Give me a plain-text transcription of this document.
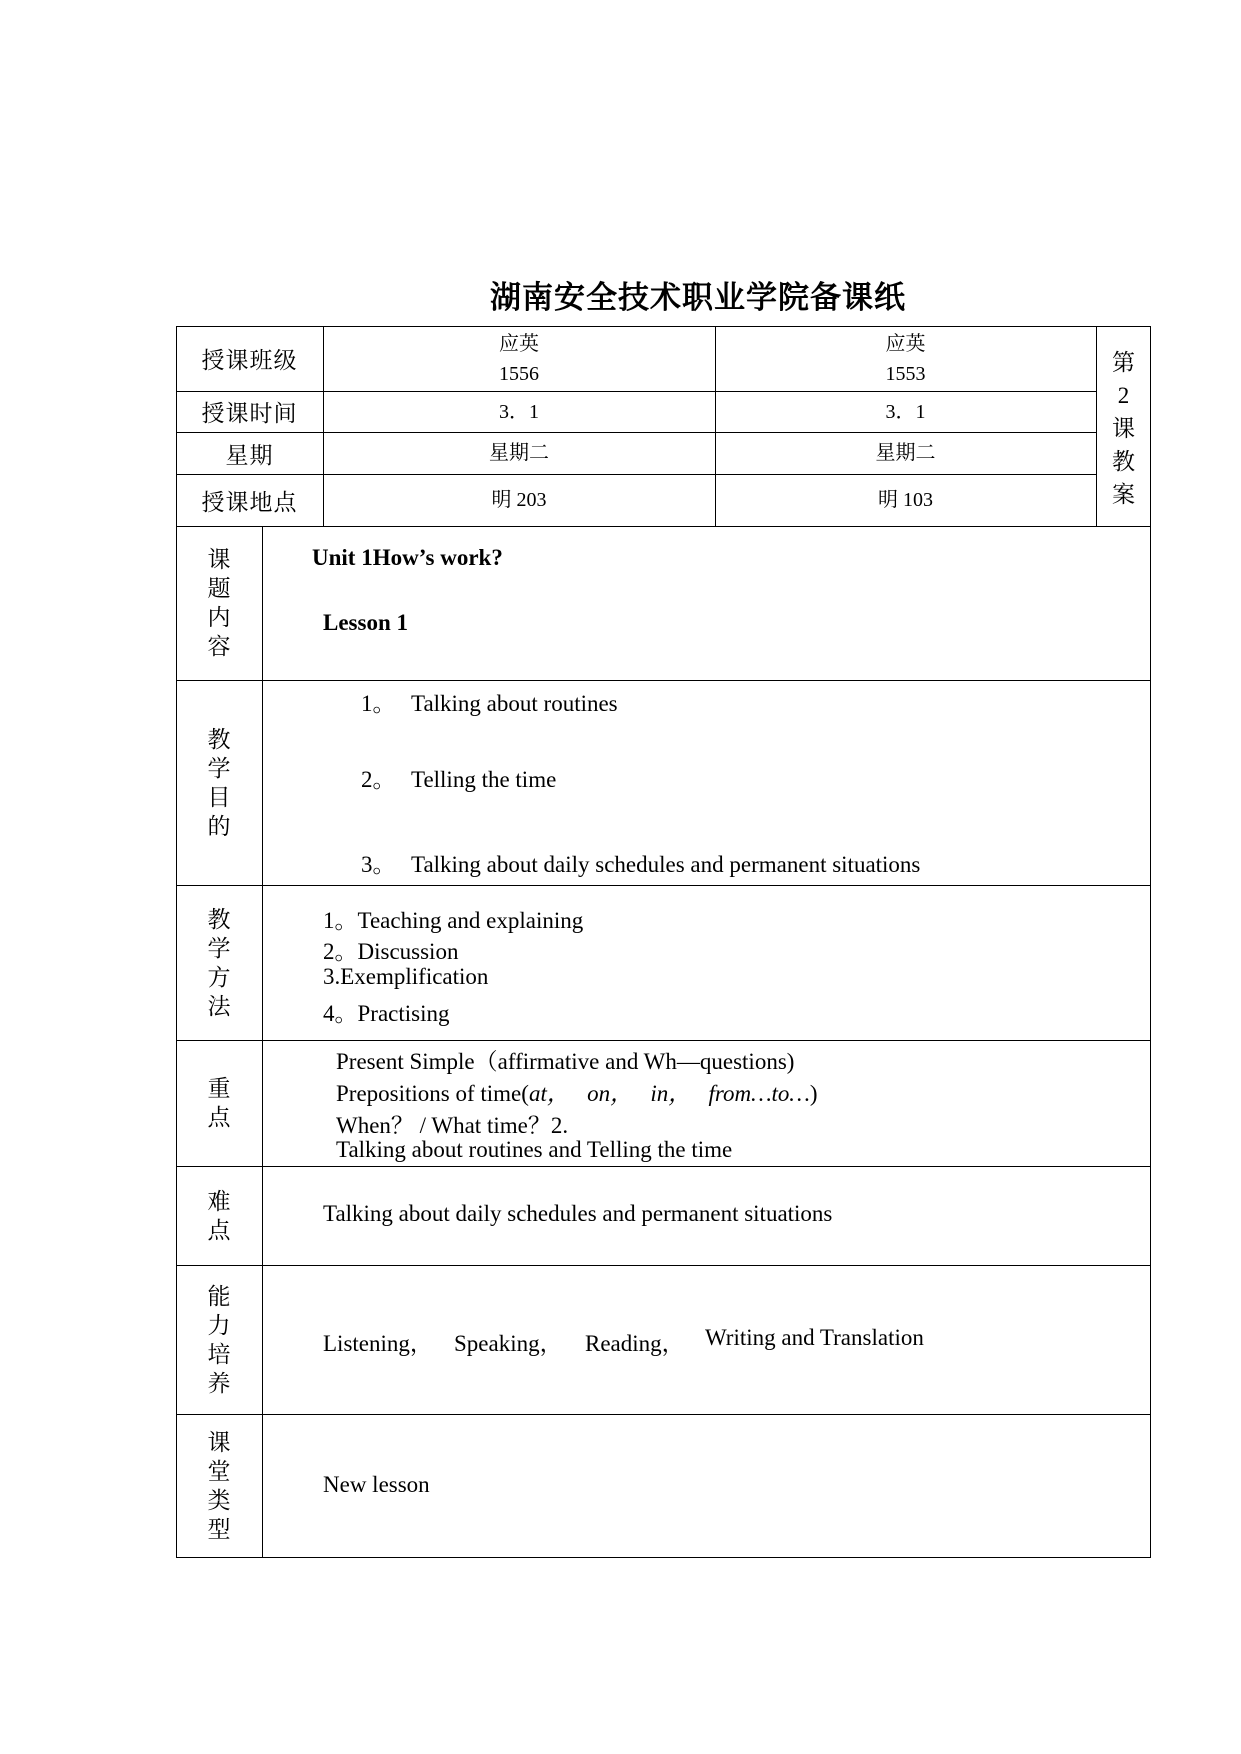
湖南安全技术职业学院备课纸
授课班级
授课时间
星期
授课地点
应英
1556
3．1
星期二
明 203
应英
1553
3．1
星期二
明 103
第
2
课
教
案
课
题
内
容
Unit 1How’s work?
Lesson 1
教
学
目
的
1。 Talking about routines
2。 Telling the time
3。 Talking about daily schedules and permanent situations
教
学
方
法
1。Teaching and explaining
2。Discussion
3.Exemplification
4。Practising
重
点
Present Simple（affirmative and Wh—questions)
Prepositions of time(at， on， in， from…to…)
When？ / What time？2.
Talking about routines and Telling the time
难
点
Talking about daily schedules and permanent situations
能
力
培
养
Listening， Speaking， Reading， Writing and Translation
课
堂
类
型
New lesson
